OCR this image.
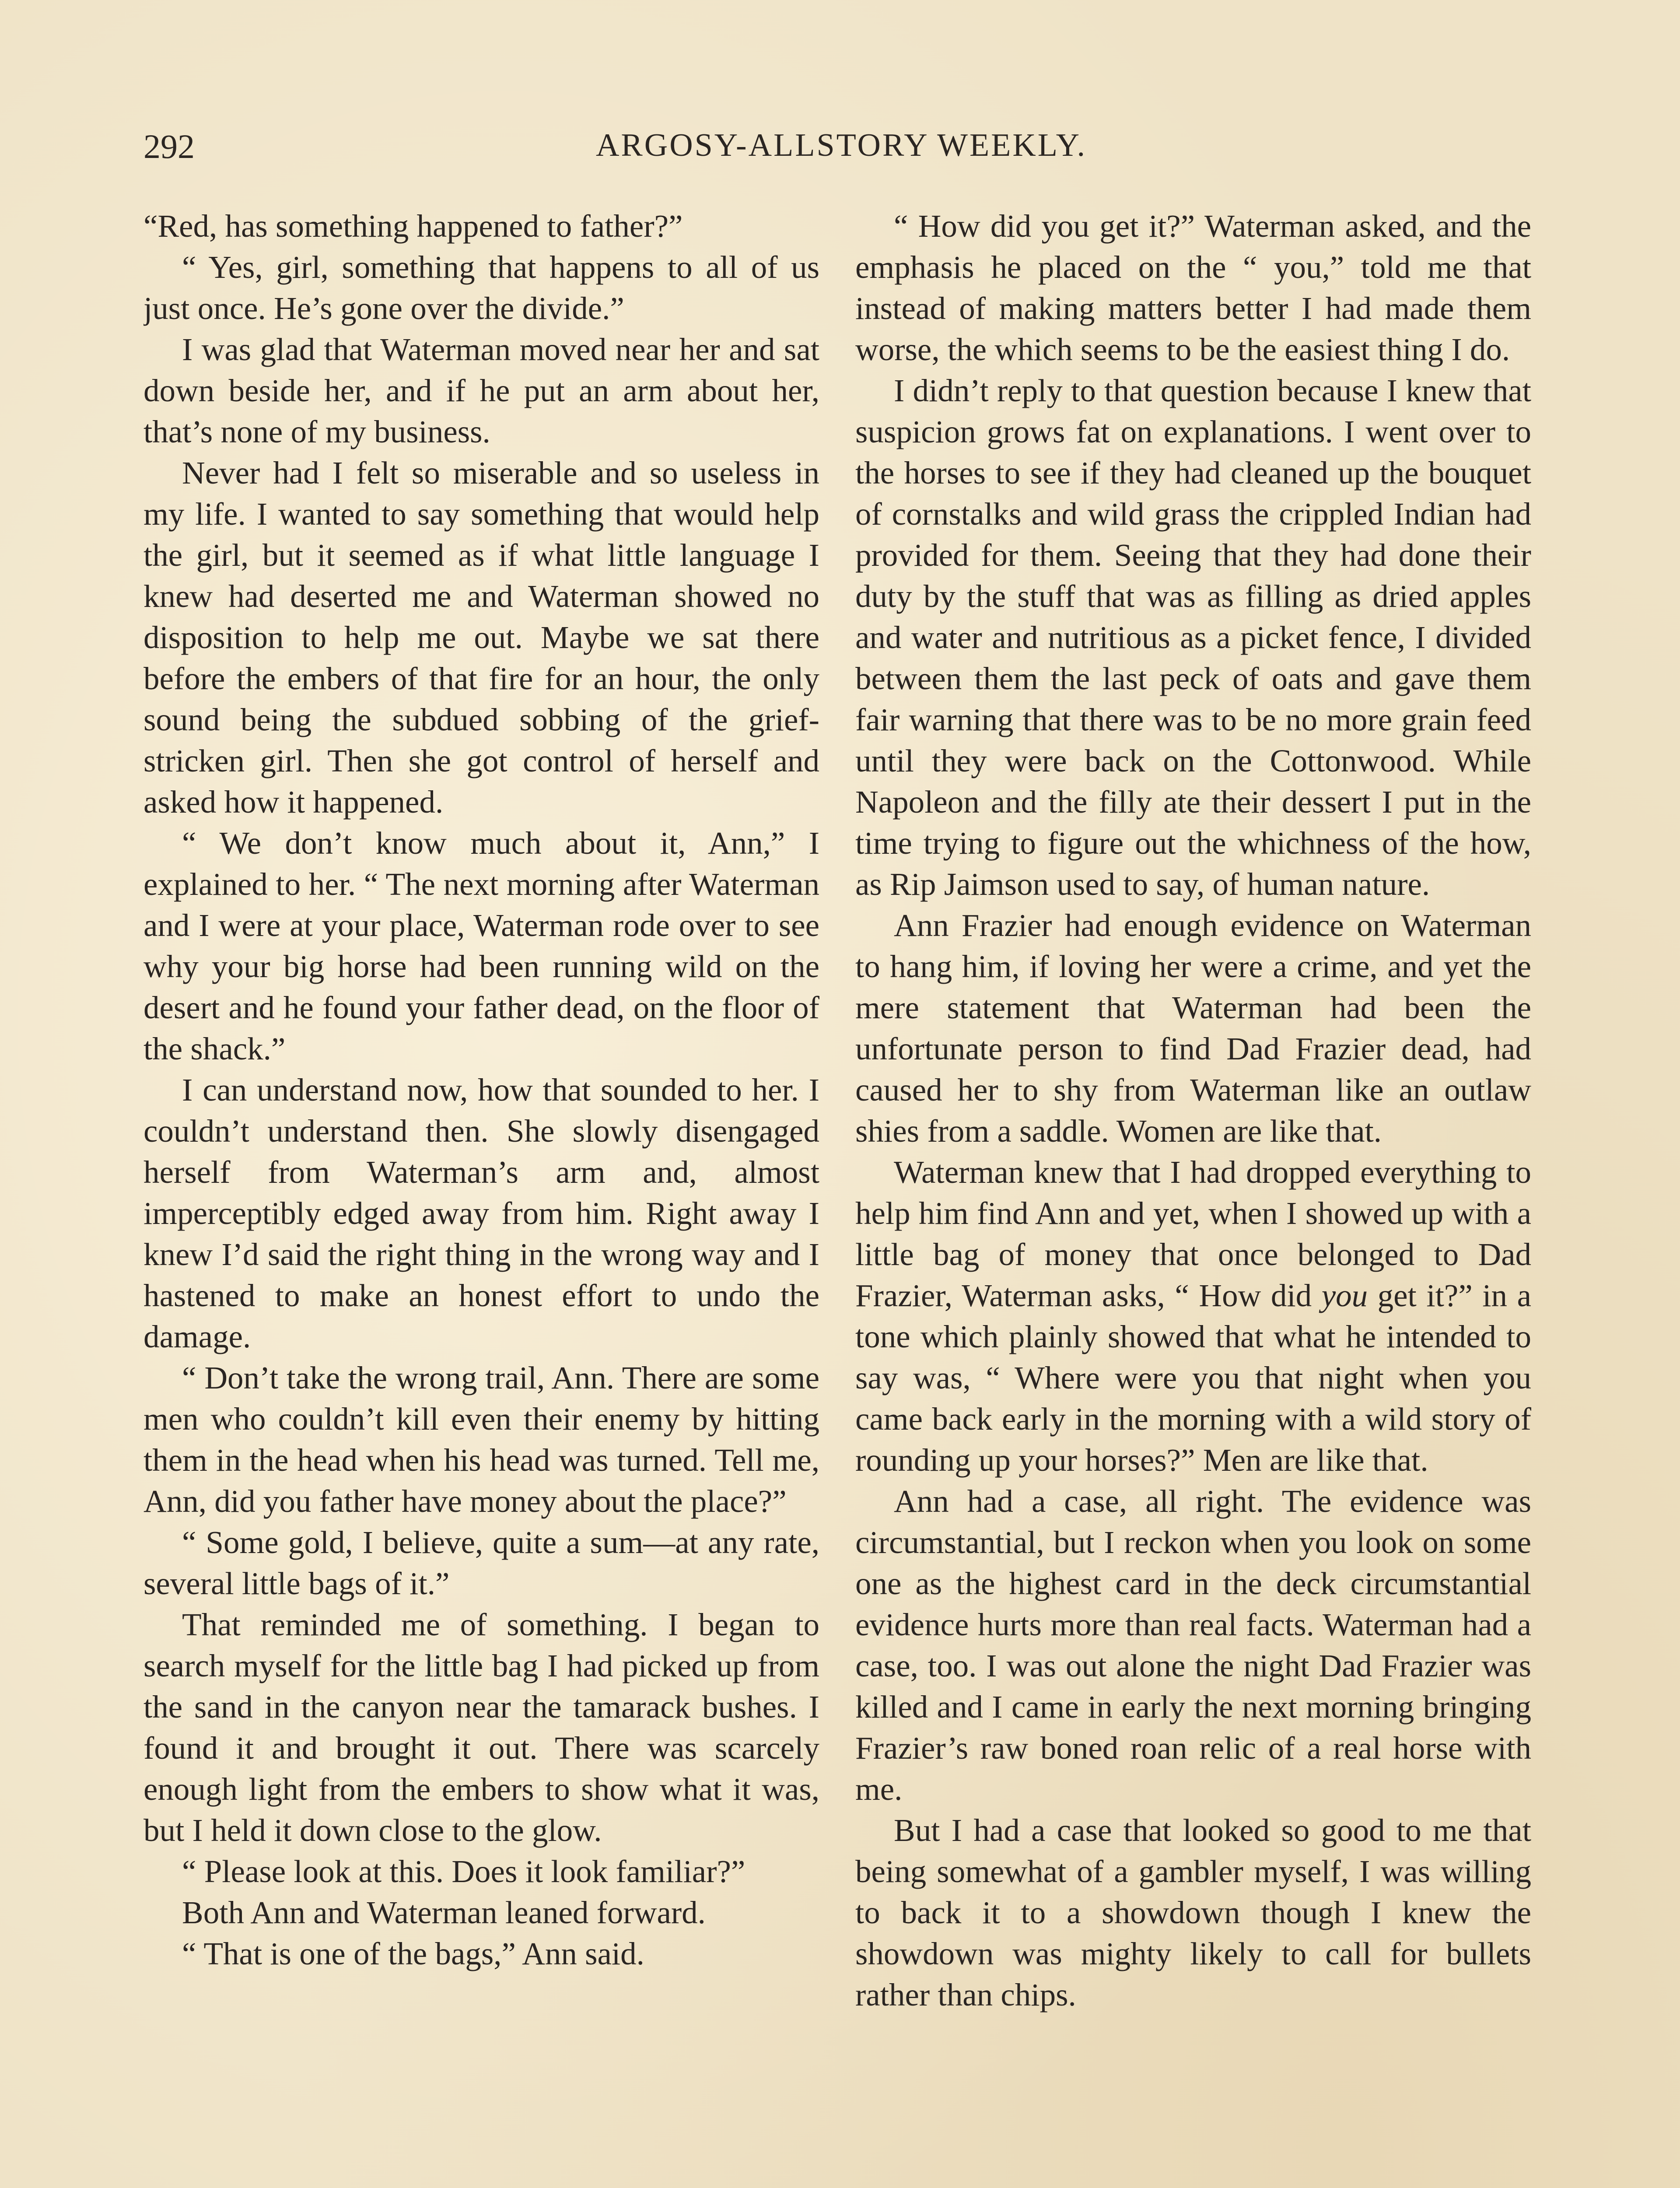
292	ARGOSY-ALLSTORY WEEKLY.

“Red, has something happened to father?”

“ Yes, girl, something that happens to all of us just once. He’s gone over the divide.”

I was glad that Waterman moved near her and sat down beside her, and if he put an arm about her, that’s none of my business.

Never had I felt so miserable and so useless in my life. I wanted to say something that would help the girl, but it seemed as if what little language I knew had deserted me and Waterman showed no disposition to help me out. Maybe we sat there before the embers of that fire for an hour, the only sound being the subdued sobbing of the grief-stricken girl. Then she got control of herself and asked how it happened.

“ We don’t know much about it, Ann,” I explained to her. “ The next morning after Waterman and I were at your place, Waterman rode over to see why your big horse had been running wild on the desert and he found your father dead, on the floor of the shack.”

I can understand now, how that sounded to her. I couldn’t understand then. She slowly disengaged herself from Waterman’s arm and, almost imperceptibly edged away from him. Right away I knew I’d said the right thing in the wrong way and I hastened to make an honest effort to undo the damage.

“ Don’t take the wrong trail, Ann. There are some men who couldn’t kill even their enemy by hitting them in the head when his head was turned. Tell me, Ann, did you father have money about the place?”

“ Some gold, I believe, quite a sum—at any rate, several little bags of it.”

That reminded me of something. I began to search myself for the little bag I had picked up from the sand in the canyon near the tamarack bushes. I found it and brought it out. There was scarcely enough light from the embers to show what it was, but I held it down close to the glow.

“ Please look at this. Does it look familiar?”

Both Ann and Waterman leaned forward.

“ That is one of the bags,” Ann said.

“ How did you get it?” Waterman asked, and the emphasis he placed on the “ you,” told me that instead of making matters better I had made them worse, the which seems to be the easiest thing I do.

I didn’t reply to that question because I knew that suspicion grows fat on explanations. I went over to the horses to see if they had cleaned up the bouquet of cornstalks and wild grass the crippled Indian had provided for them. Seeing that they had done their duty by the stuff that was as filling as dried apples and water and nutritious as a picket fence, I divided between them the last peck of oats and gave them fair warning that there was to be no more grain feed until they were back on the Cottonwood. While Napoleon and the filly ate their dessert I put in the time trying to figure out the whichness of the how, as Rip Jaimson used to say, of human nature.

Ann Frazier had enough evidence on Waterman to hang him, if loving her were a crime, and yet the mere statement that Waterman had been the unfortunate person to find Dad Frazier dead, had caused her to shy from Waterman like an outlaw shies from a saddle. Women are like that.

Waterman knew that I had dropped everything to help him find Ann and yet, when I showed up with a little bag of money that once belonged to Dad Frazier, Waterman asks, “ How did you get it?” in a tone which plainly showed that what he intended to say was, “ Where were you that night when you came back early in the morning with a wild story of rounding up your horses?” Men are like that.

Ann had a case, all right. The evidence was circumstantial, but I reckon when you look on some one as the highest card in the deck circumstantial evidence hurts more than real facts. Waterman had a case, too. I was out alone the night Dad Frazier was killed and I came in early the next morning bringing Frazier’s raw boned roan relic of a real horse with me.

But I had a case that looked so good to me that being somewhat of a gambler myself, I was willing to back it to a showdown though I knew the showdown was mighty likely to call for bullets rather than chips.
